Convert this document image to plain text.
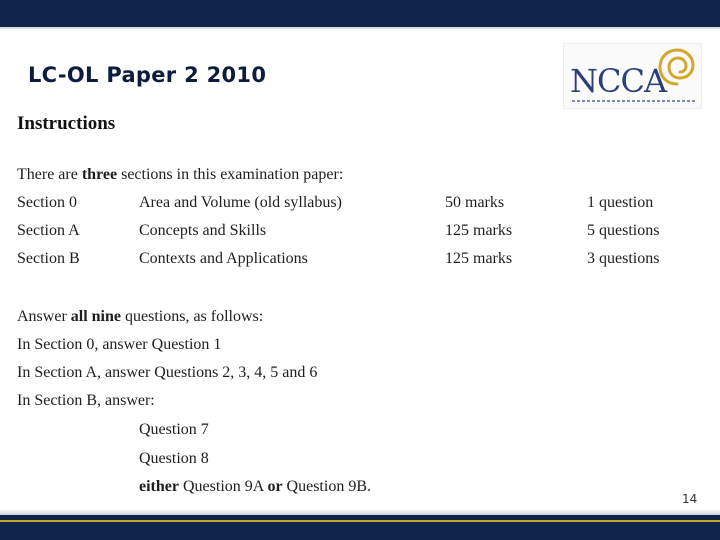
LC-OL Paper 2 2010	NCCA
Instructions
There are three sections in this examination paper:
Section 0	Area and Volume (old syllabus)	50 marks	1 question
Section A	Concepts and Skills	125 marks	5 questions
Section B	Contexts and Applications	125 marks	3 questions
Answer all nine questions, as follows:
In Section 0, answer Question 1
In Section A, answer Questions 2, 3, 4, 5 and 6
In Section B, answer:
Question 7
Question 8
either Question 9A or Question 9B.
14
